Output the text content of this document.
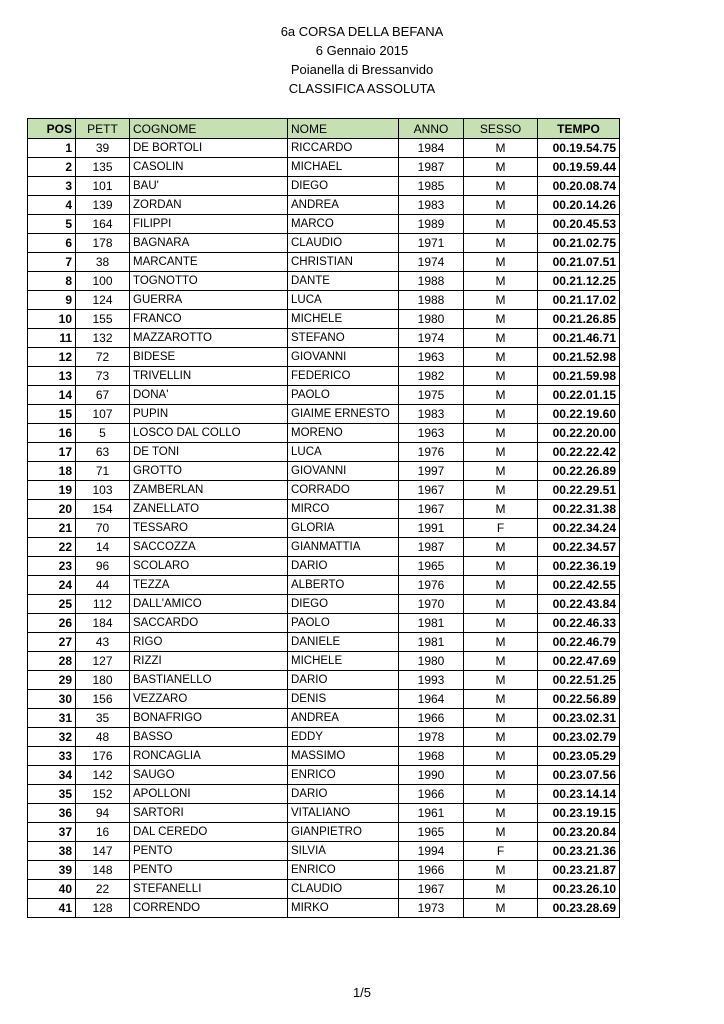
6a CORSA DELLA BEFANA
6 Gennaio 2015
Poianella di Bressanvido
CLASSIFICA ASSOLUTA
POS	PETT	COGNOME	NOME	ANNO	SESSO	TEMPO
1	39	DE BORTOLI	RICCARDO	1984	M	00.19.54.75
2	135	CASOLIN	MICHAEL	1987	M	00.19.59.44
3	101	BAU'	DIEGO	1985	M	00.20.08.74
4	139	ZORDAN	ANDREA	1983	M	00.20.14.26
5	164	FILIPPI	MARCO	1989	M	00.20.45.53
6	178	BAGNARA	CLAUDIO	1971	M	00.21.02.75
7	38	MARCANTE	CHRISTIAN	1974	M	00.21.07.51
8	100	TOGNOTTO	DANTE	1988	M	00.21.12.25
9	124	GUERRA	LUCA	1988	M	00.21.17.02
10	155	FRANCO	MICHELE	1980	M	00.21.26.85
11	132	MAZZAROTTO	STEFANO	1974	M	00.21.46.71
12	72	BIDESE	GIOVANNI	1963	M	00.21.52.98
13	73	TRIVELLIN	FEDERICO	1982	M	00.21.59.98
14	67	DONA'	PAOLO	1975	M	00.22.01.15
15	107	PUPIN	GIAIME ERNESTO	1983	M	00.22.19.60
16	5	LOSCO DAL COLLO	MORENO	1963	M	00.22.20.00
17	63	DE TONI	LUCA	1976	M	00.22.22.42
18	71	GROTTO	GIOVANNI	1997	M	00.22.26.89
19	103	ZAMBERLAN	CORRADO	1967	M	00.22.29.51
20	154	ZANELLATO	MIRCO	1967	M	00.22.31.38
21	70	TESSARO	GLORIA	1991	F	00.22.34.24
22	14	SACCOZZA	GIANMATTIA	1987	M	00.22.34.57
23	96	SCOLARO	DARIO	1965	M	00.22.36.19
24	44	TEZZA	ALBERTO	1976	M	00.22.42.55
25	112	DALL'AMICO	DIEGO	1970	M	00.22.43.84
26	184	SACCARDO	PAOLO	1981	M	00.22.46.33
27	43	RIGO	DANIELE	1981	M	00.22.46.79
28	127	RIZZI	MICHELE	1980	M	00.22.47.69
29	180	BASTIANELLO	DARIO	1993	M	00.22.51.25
30	156	VEZZARO	DENIS	1964	M	00.22.56.89
31	35	BONAFRIGO	ANDREA	1966	M	00.23.02.31
32	48	BASSO	EDDY	1978	M	00.23.02.79
33	176	RONCAGLIA	MASSIMO	1968	M	00.23.05.29
34	142	SAUGO	ENRICO	1990	M	00.23.07.56
35	152	APOLLONI	DARIO	1966	M	00.23.14.14
36	94	SARTORI	VITALIANO	1961	M	00.23.19.15
37	16	DAL CEREDO	GIANPIETRO	1965	M	00.23.20.84
38	147	PENTO	SILVIA	1994	F	00.23.21.36
39	148	PENTO	ENRICO	1966	M	00.23.21.87
40	22	STEFANELLI	CLAUDIO	1967	M	00.23.26.10
41	128	CORRENDO	MIRKO	1973	M	00.23.28.69
1/5
